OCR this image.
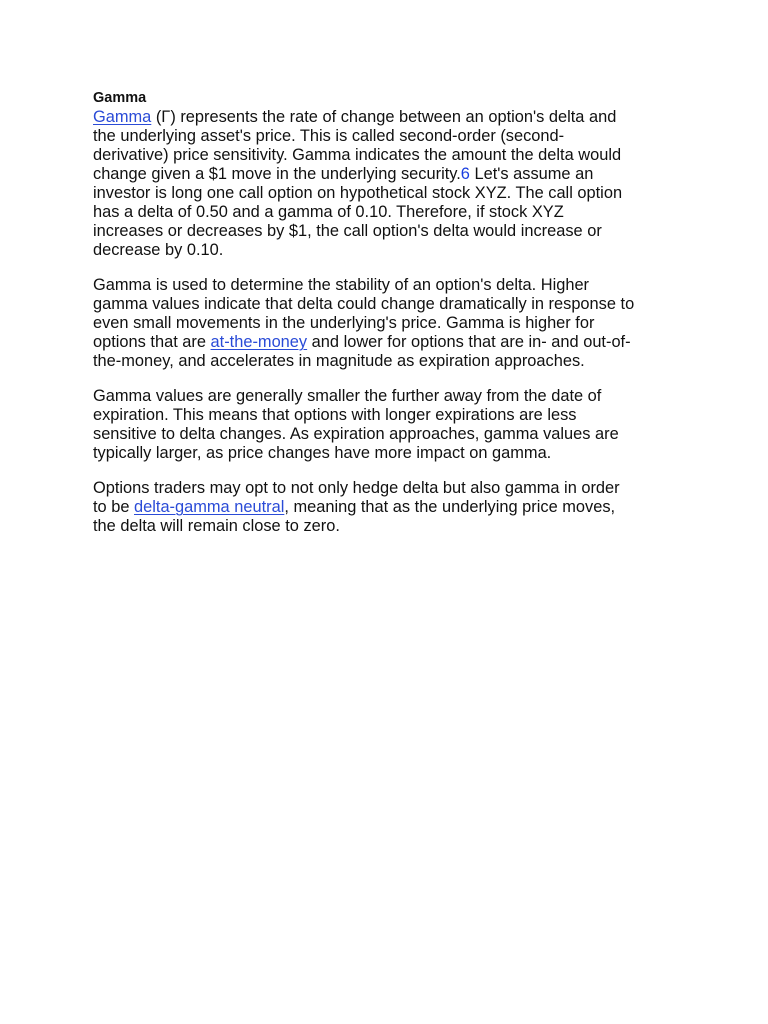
Gamma

Gamma (Γ) represents the rate of change between an option's delta and
the underlying asset's price. This is called second-order (second-
derivative) price sensitivity. Gamma indicates the amount the delta would
change given a $1 move in the underlying security.6 Let's assume an
investor is long one call option on hypothetical stock XYZ. The call option
has a delta of 0.50 and a gamma of 0.10. Therefore, if stock XYZ
increases or decreases by $1, the call option's delta would increase or
decrease by 0.10.

Gamma is used to determine the stability of an option's delta. Higher
gamma values indicate that delta could change dramatically in response to
even small movements in the underlying's price. Gamma is higher for
options that are at-the-money and lower for options that are in- and out-of-
the-money, and accelerates in magnitude as expiration approaches.

Gamma values are generally smaller the further away from the date of
expiration. This means that options with longer expirations are less
sensitive to delta changes. As expiration approaches, gamma values are
typically larger, as price changes have more impact on gamma.

Options traders may opt to not only hedge delta but also gamma in order
to be delta-gamma neutral, meaning that as the underlying price moves,
the delta will remain close to zero.
